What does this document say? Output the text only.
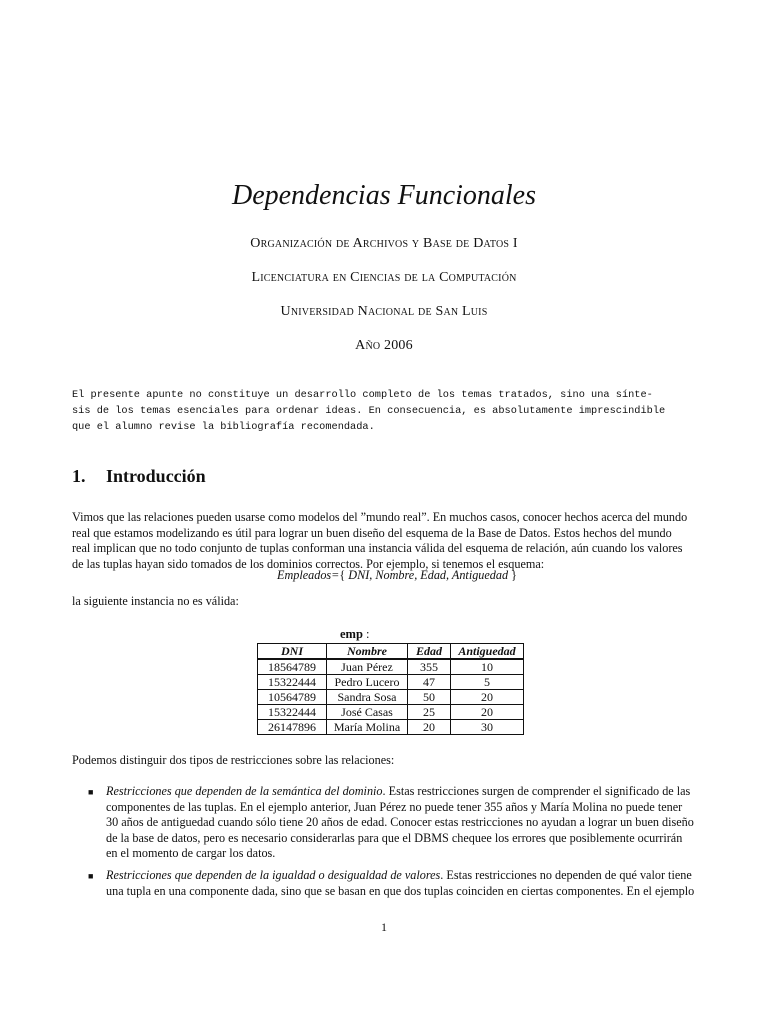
Dependencias Funcionales

Organización de Archivos y Base de Datos I

Licenciatura en Ciencias de la Computación

Universidad Nacional de San Luis

Año 2006

El presente apunte no constituye un desarrollo completo de los temas tratados, sino una sínte-
sis de los temas esenciales para ordenar ideas. En consecuencia, es absolutamente imprescindible
que el alumno revise la bibliografía recomendada.
1. Introducción
Vimos que las relaciones pueden usarse como modelos del ”mundo real”. En muchos casos, conocer hechos acerca del mundo
real que estamos modelizando es útil para lograr un buen diseño del esquema de la Base de Datos. Estos hechos del mundo
real implican que no todo conjunto de tuplas conforman una instancia válida del esquema de relación, aún cuando los valores
de las tuplas hayan sido tomados de los dominios correctos. Por ejemplo, si tenemos el esquema:

Empleados={ DNI, Nombre, Edad, Antiguedad }

la siguiente instancia no es válida:

emp :

DNI	Nombre	Edad	Antiguedad
18564789	Juan Pérez	355	10
15322444	Pedro Lucero	47	5
10564789	Sandra Sosa	50	20
15322444	José Casas	25	20
26147896	María Molina	20	30

Podemos distinguir dos tipos de restricciones sobre las relaciones:

■	Restricciones que dependen de la semántica del dominio. Estas restricciones surgen de comprender el significado de las
componentes de las tuplas. En el ejemplo anterior, Juan Pérez no puede tener 355 años y María Molina no puede tener
30 años de antiguedad cuando sólo tiene 20 años de edad. Conocer estas restricciones no ayudan a lograr un buen diseño
de la base de datos, pero es necesario considerarlas para que el DBMS chequee los errores que posiblemente ocurrirán
en el momento de cargar los datos.
■	Restricciones que dependen de la igualdad o desigualdad de valores. Estas restricciones no dependen de qué valor tiene
una tupla en una componente dada, sino que se basan en que dos tuplas coinciden en ciertas componentes. En el ejemplo

1
